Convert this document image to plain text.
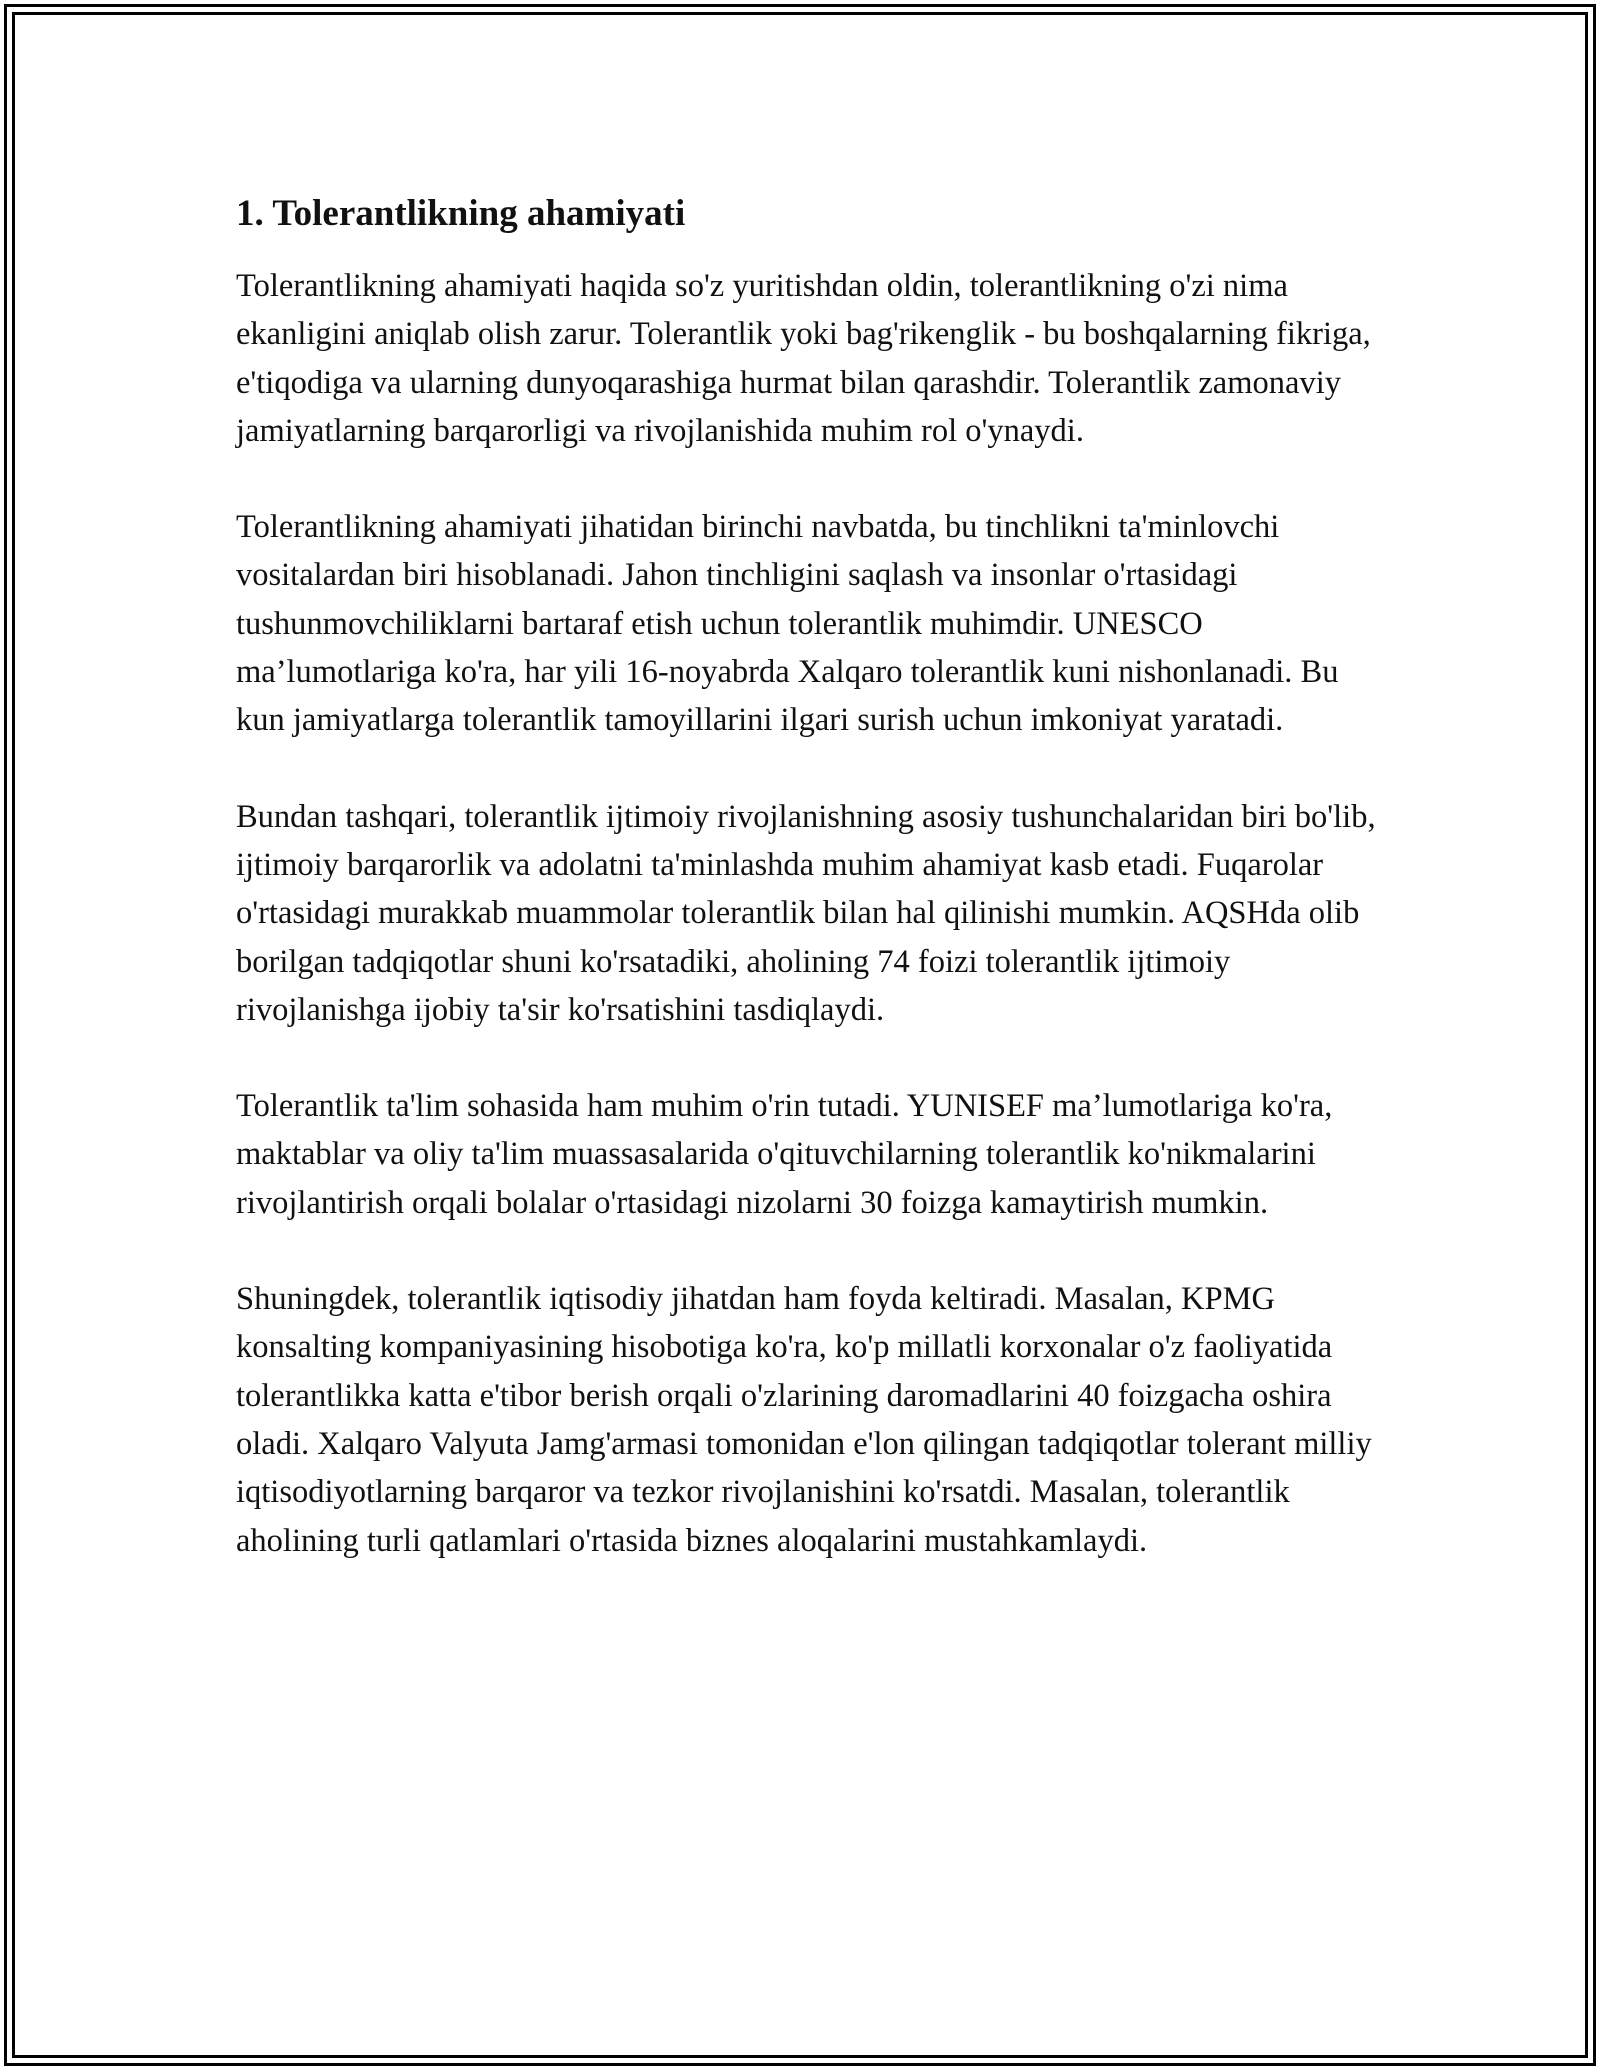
1. Tolerantlikning ahamiyati

Tolerantlikning ahamiyati haqida so'z yuritishdan oldin, tolerantlikning o'zi nima ekanligini aniqlab olish zarur. Tolerantlik yoki bag'rikenglik - bu boshqalarning fikriga, e'tiqodiga va ularning dunyoqarashiga hurmat bilan qarashdir. Tolerantlik zamonaviy jamiyatlarning barqarorligi va rivojlanishida muhim rol o'ynaydi.

Tolerantlikning ahamiyati jihatidan birinchi navbatda, bu tinchlikni ta'minlovchi vositalardan biri hisoblanadi. Jahon tinchligini saqlash va insonlar o'rtasidagi tushunmovchiliklarni bartaraf etish uchun tolerantlik muhimdir. UNESCO ma’lumotlariga ko'ra, har yili 16-noyabrda Xalqaro tolerantlik kuni nishonlanadi. Bu kun jamiyatlarga tolerantlik tamoyillarini ilgari surish uchun imkoniyat yaratadi.

Bundan tashqari, tolerantlik ijtimoiy rivojlanishning asosiy tushunchalaridan biri bo'lib, ijtimoiy barqarorlik va adolatni ta'minlashda muhim ahamiyat kasb etadi. Fuqarolar o'rtasidagi murakkab muammolar tolerantlik bilan hal qilinishi mumkin. AQSHda olib borilgan tadqiqotlar shuni ko'rsatadiki, aholining 74 foizi tolerantlik ijtimoiy rivojlanishga ijobiy ta'sir ko'rsatishini tasdiqlaydi.

Tolerantlik ta'lim sohasida ham muhim o'rin tutadi. YUNISEF ma’lumotlariga ko'ra, maktablar va oliy ta'lim muassasalarida o'qituvchilarning tolerantlik ko'nikmalarini rivojlantirish orqali bolalar o'rtasidagi nizolarni 30 foizga kamaytirish mumkin.

Shuningdek, tolerantlik iqtisodiy jihatdan ham foyda keltiradi. Masalan, KPMG konsalting kompaniyasining hisobotiga ko'ra, ko'p millatli korxonalar o'z faoliyatida tolerantlikka katta e'tibor berish orqali o'zlarining daromadlarini 40 foizgacha oshira oladi. Xalqaro Valyuta Jamg'armasi tomonidan e'lon qilingan tadqiqotlar tolerant milliy iqtisodiyotlarning barqaror va tezkor rivojlanishini ko'rsatdi. Masalan, tolerantlik aholining turli qatlamlari o'rtasida biznes aloqalarini mustahkamlaydi.
